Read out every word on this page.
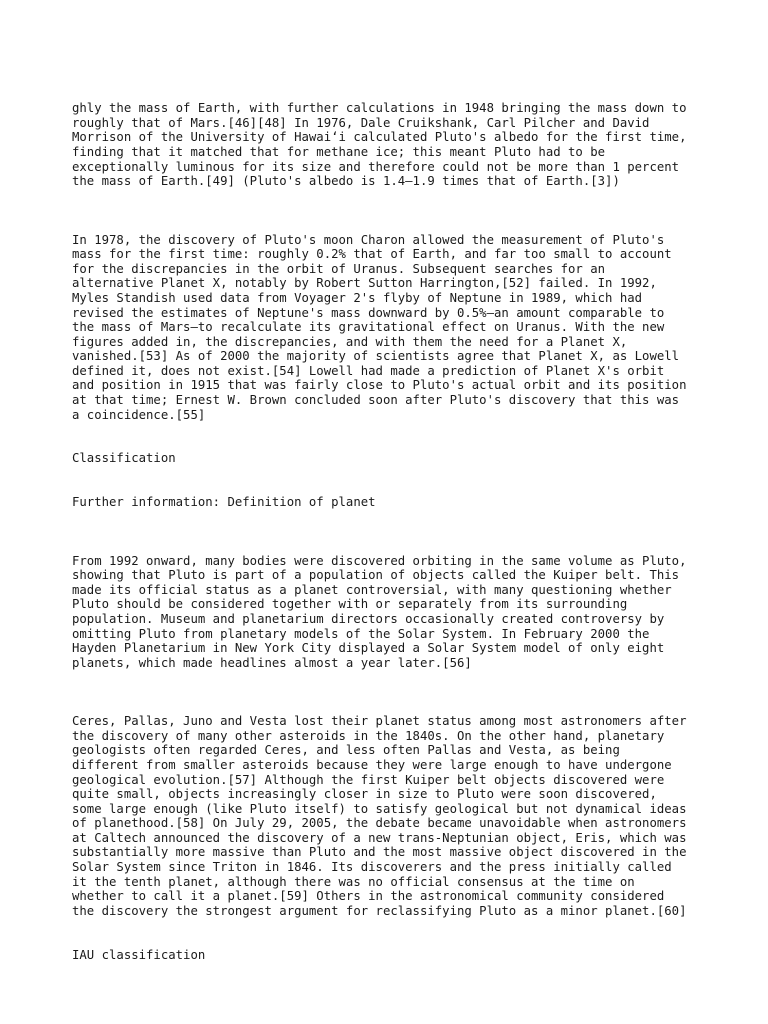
ghly the mass of Earth, with further calculations in 1948 bringing the mass down to
roughly that of Mars.[46][48] In 1976, Dale Cruikshank, Carl Pilcher and David
Morrison of the University of Hawaiʻi calculated Pluto's albedo for the first time,
finding that it matched that for methane ice; this meant Pluto had to be
exceptionally luminous for its size and therefore could not be more than 1 percent
the mass of Earth.[49] (Pluto's albedo is 1.4–1.9 times that of Earth.[3])

In 1978, the discovery of Pluto's moon Charon allowed the measurement of Pluto's
mass for the first time: roughly 0.2% that of Earth, and far too small to account
for the discrepancies in the orbit of Uranus. Subsequent searches for an
alternative Planet X, notably by Robert Sutton Harrington,[52] failed. In 1992,
Myles Standish used data from Voyager 2's flyby of Neptune in 1989, which had
revised the estimates of Neptune's mass downward by 0.5%—an amount comparable to
the mass of Mars—to recalculate its gravitational effect on Uranus. With the new
figures added in, the discrepancies, and with them the need for a Planet X,
vanished.[53] As of 2000 the majority of scientists agree that Planet X, as Lowell
defined it, does not exist.[54] Lowell had made a prediction of Planet X's orbit
and position in 1915 that was fairly close to Pluto's actual orbit and its position
at that time; Ernest W. Brown concluded soon after Pluto's discovery that this was
a coincidence.[55]

Classification

Further information: Definition of planet

From 1992 onward, many bodies were discovered orbiting in the same volume as Pluto,
showing that Pluto is part of a population of objects called the Kuiper belt. This
made its official status as a planet controversial, with many questioning whether
Pluto should be considered together with or separately from its surrounding
population. Museum and planetarium directors occasionally created controversy by
omitting Pluto from planetary models of the Solar System. In February 2000 the
Hayden Planetarium in New York City displayed a Solar System model of only eight
planets, which made headlines almost a year later.[56]

Ceres, Pallas, Juno and Vesta lost their planet status among most astronomers after
the discovery of many other asteroids in the 1840s. On the other hand, planetary
geologists often regarded Ceres, and less often Pallas and Vesta, as being
different from smaller asteroids because they were large enough to have undergone
geological evolution.[57] Although the first Kuiper belt objects discovered were
quite small, objects increasingly closer in size to Pluto were soon discovered,
some large enough (like Pluto itself) to satisfy geological but not dynamical ideas
of planethood.[58] On July 29, 2005, the debate became unavoidable when astronomers
at Caltech announced the discovery of a new trans-Neptunian object, Eris, which was
substantially more massive than Pluto and the most massive object discovered in the
Solar System since Triton in 1846. Its discoverers and the press initially called
it the tenth planet, although there was no official consensus at the time on
whether to call it a planet.[59] Others in the astronomical community considered
the discovery the strongest argument for reclassifying Pluto as a minor planet.[60]

IAU classification
